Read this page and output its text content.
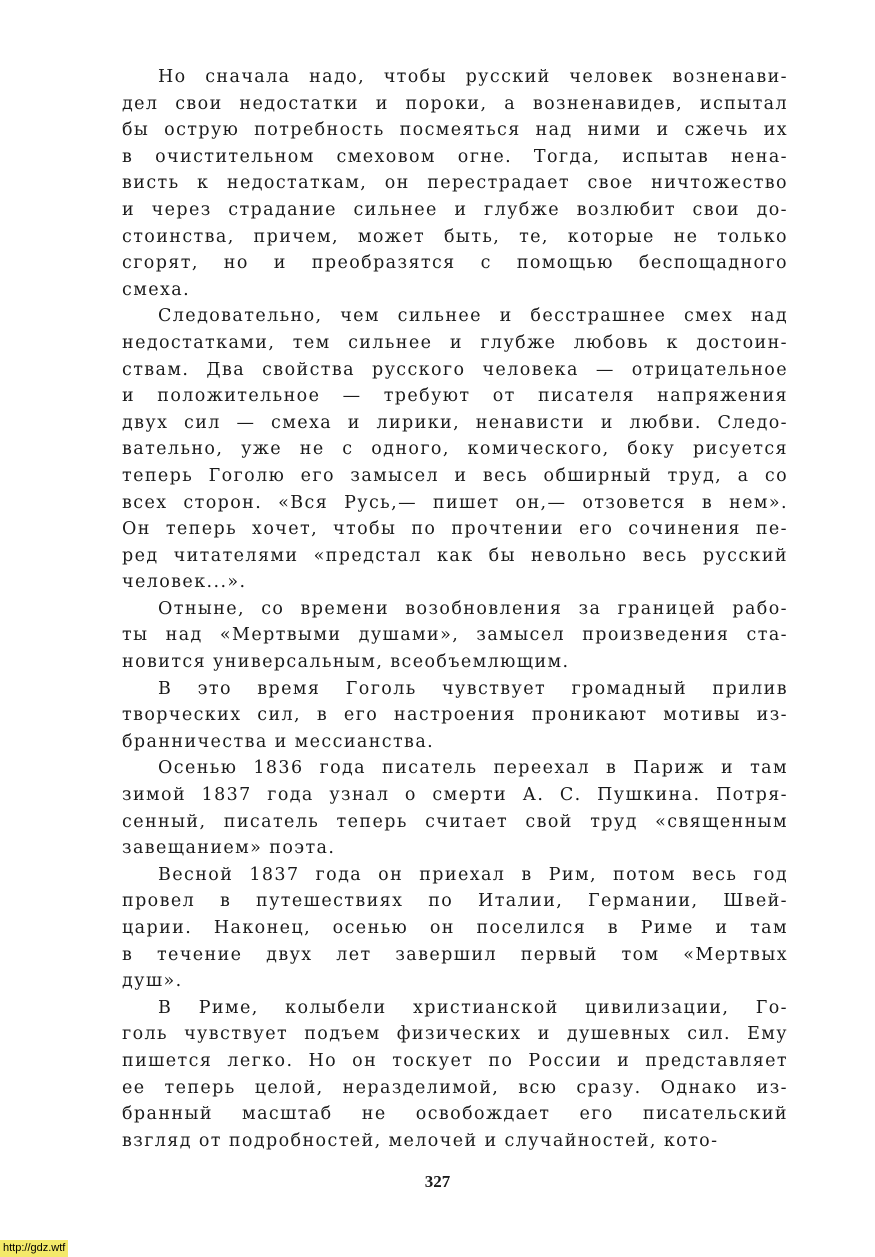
Но сначала надо, чтобы русский человек возненави-
дел свои недостатки и пороки, а возненавидев, испытал
бы острую потребность посмеяться над ними и сжечь их
в очистительном смеховом огне. Тогда, испытав нена-
висть к недостаткам, он перестрадает свое ничтожество
и через страдание сильнее и глубже возлюбит свои до-
стоинства, причем, может быть, те, которые не только
сгорят, но и преобразятся с помощью беспощадного
смеха.
Следовательно, чем сильнее и бесстрашнее смех над
недостатками, тем сильнее и глубже любовь к достоин-
ствам. Два свойства русского человека — отрицательное
и положительное — требуют от писателя напряжения
двух сил — смеха и лирики, ненависти и любви. Следо-
вательно, уже не с одного, комического, боку рисуется
теперь Гоголю его замысел и весь обширный труд, а со
всех сторон. «Вся Русь,— пишет он,— отзовется в нем».
Он теперь хочет, чтобы по прочтении его сочинения пе-
ред читателями «предстал как бы невольно весь русский
человек...».
Отныне, со времени возобновления за границей рабо-
ты над «Мертвыми душами», замысел произведения ста-
новится универсальным, всеобъемлющим.
В это время Гоголь чувствует громадный прилив
творческих сил, в его настроения проникают мотивы из-
бранничества и мессианства.
Осенью 1836 года писатель переехал в Париж и там
зимой 1837 года узнал о смерти А. С. Пушкина. Потря-
сенный, писатель теперь считает свой труд «священным
завещанием» поэта.
Весной 1837 года он приехал в Рим, потом весь год
провел в путешествиях по Италии, Германии, Швей-
царии. Наконец, осенью он поселился в Риме и там
в течение двух лет завершил первый том «Мертвых
душ».
В Риме, колыбели христианской цивилизации, Го-
голь чувствует подъем физических и душевных сил. Ему
пишется легко. Но он тоскует по России и представляет
ее теперь целой, неразделимой, всю сразу. Однако из-
бранный масштаб не освобождает его писательский
взгляд от подробностей, мелочей и случайностей, кото-
327
http://gdz.wtf
